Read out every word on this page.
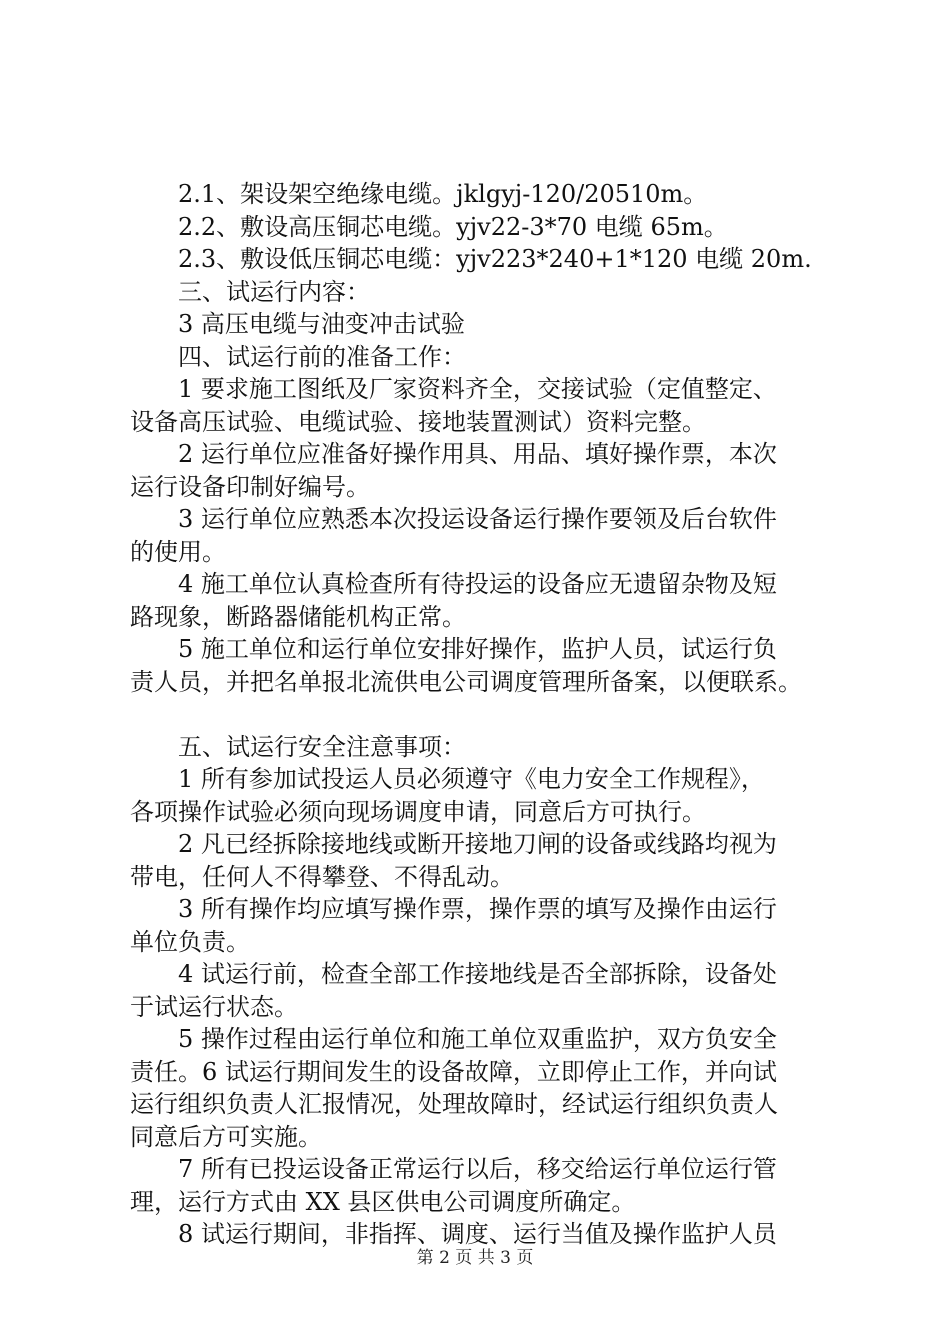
2.1、架设架空绝缘电缆。jklgyj-120/20510m。
2.2、敷设高压铜芯电缆。yjv22-3*70 电缆 65m。
2.3、敷设低压铜芯电缆：yjv223*240+1*120 电缆 20m.
三、试运行内容：
3 高压电缆与油变冲击试验
四、试运行前的准备工作：
1 要求施工图纸及厂家资料齐全，交接试验（定值整定、
设备高压试验、电缆试验、接地装置测试）资料完整。
2 运行单位应准备好操作用具、用品、填好操作票，本次
运行设备印制好编号。
3 运行单位应熟悉本次投运设备运行操作要领及后台软件
的使用。
4 施工单位认真检查所有待投运的设备应无遗留杂物及短
路现象，断路器储能机构正常。
5 施工单位和运行单位安排好操作，监护人员，试运行负
责人员，并把名单报北流供电公司调度管理所备案，以便联系。
五、试运行安全注意事项：
1 所有参加试投运人员必须遵守《电力安全工作规程》，
各项操作试验必须向现场调度申请，同意后方可执行。
2 凡已经拆除接地线或断开接地刀闸的设备或线路均视为
带电，任何人不得攀登、不得乱动。
3 所有操作均应填写操作票，操作票的填写及操作由运行
单位负责。
4 试运行前，检查全部工作接地线是否全部拆除，设备处
于试运行状态。
5 操作过程由运行单位和施工单位双重监护，双方负安全
责任。6 试运行期间发生的设备故障，立即停止工作，并向试
运行组织负责人汇报情况，处理故障时，经试运行组织负责人
同意后方可实施。
7 所有已投运设备正常运行以后，移交给运行单位运行管
理，运行方式由 XX 县区供电公司调度所确定。
8 试运行期间，非指挥、调度、运行当值及操作监护人员
第 2 页 共 3 页
